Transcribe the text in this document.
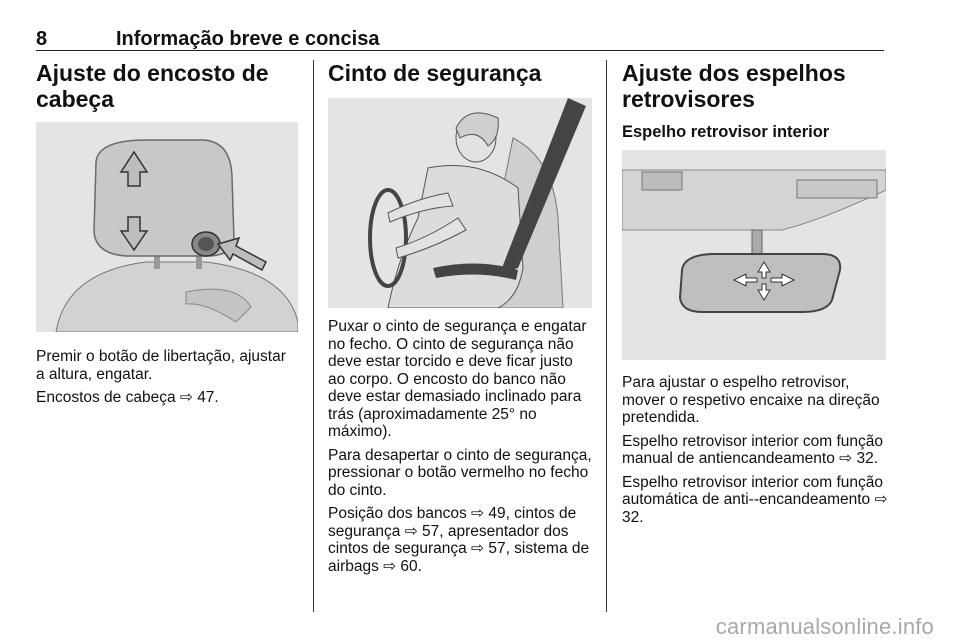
8	Informação breve e concisa
Ajuste do encosto de cabeça

Premir o botão de libertação, ajustar a altura, engatar.

Encostos de cabeça ⇨ 47.

Cinto de segurança

Puxar o cinto de segurança e engatar no fecho. O cinto de segurança não deve estar torcido e deve ficar justo ao corpo. O encosto do banco não deve estar demasiado inclinado para trás (aproximadamente 25° no máximo).

Para desapertar o cinto de segurança, pressionar o botão vermelho no fecho do cinto.

Posição dos bancos ⇨ 49, cintos de segurança ⇨ 57, apresentador dos cintos de segurança ⇨ 57, sistema de airbags ⇨ 60.

Ajuste dos espelhos retrovisores
Espelho retrovisor interior

Para ajustar o espelho retrovisor, mover o respetivo encaixe na direção pretendida.

Espelho retrovisor interior com função manual de antiencandeamento ⇨ 32.

Espelho retrovisor interior com função automática de anti--encandeamento ⇨ 32.

carmanualsonline.info
